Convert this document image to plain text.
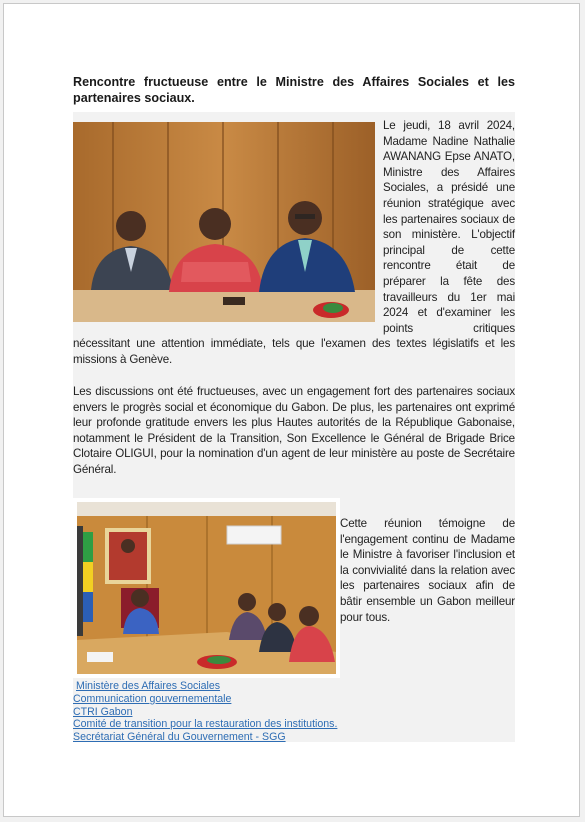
Rencontre fructueuse entre le Ministre des Affaires Sociales et les partenaires sociaux.

Le jeudi, 18 avril 2024, Madame Nadine Nathalie AWANANG Epse ANATO, Ministre des Affaires Sociales, a présidé une réunion stratégique avec les partenaires sociaux de son ministère. L'objectif principal de cette rencontre était de préparer la fête des travailleurs du 1er mai 2024 et d'examiner les points critiques nécessitant une attention immédiate, tels que l'examen des textes législatifs et les missions à Genève.

Les discussions ont été fructueuses, avec un engagement fort des partenaires sociaux envers le progrès social et économique du Gabon. De plus, les partenaires ont exprimé leur profonde gratitude envers les plus Hautes autorités de la République Gabonaise, notamment le Président de la Transition, Son Excellence le Général de Brigade Brice Clotaire OLIGUI, pour la nomination d'un agent de leur ministère au poste de Secrétaire Général.

Cette réunion témoigne de l'engagement continu de Madame le Ministre à favoriser l'inclusion et la convivialité dans la relation avec les partenaires sociaux afin de bâtir ensemble un Gabon meilleur pour tous.

Ministère des Affaires Sociales
Communication gouvernementale
CTRI Gabon
Comité de transition pour la restauration des institutions.
Secrétariat Général du Gouvernement - SGG
